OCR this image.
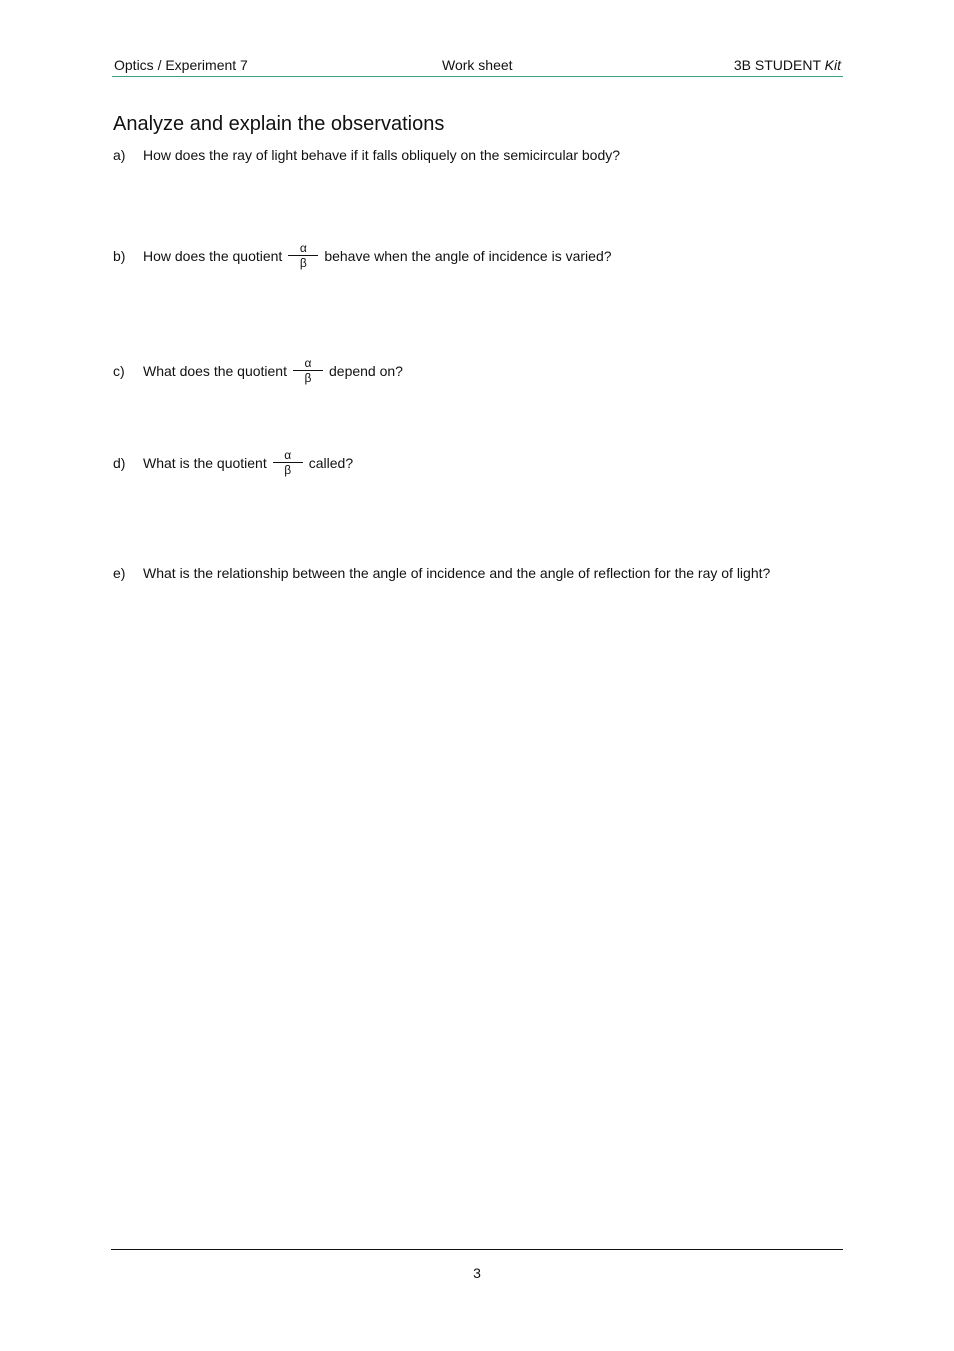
Optics / Experiment 7	Work sheet	3B STUDENT Kit
Analyze and explain the observations
a)	How does the ray of light behave if it falls obliquely on the semicircular body?
b)	How does the quotient $\frac{\alpha}{\beta}$ behave when the angle of incidence is varied?
c)	What does the quotient $\frac{\alpha}{\beta}$ depend on?
d)	What is the quotient $\frac{\alpha}{\beta}$ called?
e)	What is the relationship between the angle of incidence and the angle of reflection for the ray of light?
3
